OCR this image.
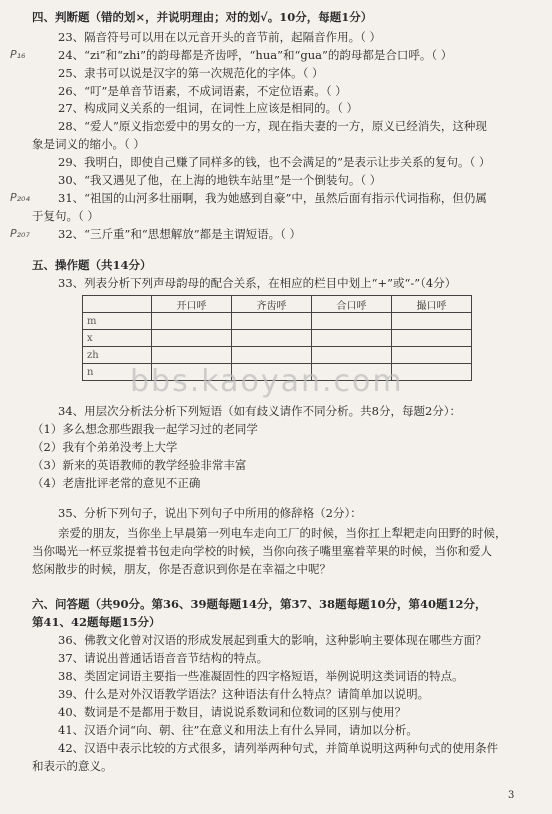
四、判断题（错的划×，并说明理由；对的划√。10分，每题1分）
23、隔音符号可以用在以元音开头的音节前，起隔音作用。（ ）
P₁₆	24、“zi”和“zhi”的韵母都是齐齿呼，“hua”和“gua”的韵母都是合口呼。（ ）
25、隶书可以说是汉字的第一次规范化的字体。（ ）
26、“叮”是单音节语素，不成词语素，不定位语素。（ ）
27、构成同义关系的一组词，在词性上应该是相同的。（ ）
28、“爱人”原义指恋爱中的男女的一方，现在指夫妻的一方，原义已经消失，这种现
象是词义的缩小。（ ）
29、我明白，即使自己赚了同样多的钱，也不会满足的”是表示让步关系的复句。（ ）
30、“我又遇见了他，在上海的地铁车站里”是一个倒装句。（ ）
P₂₀₄ 31、“祖国的山河多壮丽啊，我为她感到自豪”中，虽然后面有指示代词指称，但仍属
于复句。（ ）
P₂₀₇ 32、“三斤重”和“思想解放”都是主谓短语。（ ）
五、操作题（共14分）
33、列表分析下列声母韵母的配合关系，在相应的栏目中划上“+”或“-”（4分）
	开口呼	齐齿呼	合口呼	撮口呼
m				
x				
zh				
n				bbs.kaoyan.com
34、用层次分析法分析下列短语（如有歧义请作不同分析。共8分，每题2分）：
（1）多么想念那些跟我一起学习过的老同学
（2）我有个弟弟没考上大学
（3）新来的英语教师的教学经验非常丰富
（4）老唐批评老常的意见不正确
35、分析下列句子，说出下列句子中所用的修辞格（2分）：
亲爱的朋友，当你坐上早晨第一列电车走向工厂的时候，当你扛上犁耙走向田野的时候，
当你喝光一杯豆浆提着书包走向学校的时候，当你向孩子嘴里塞着苹果的时候，当你和爱人
悠闲散步的时候，朋友，你是否意识到你是在幸福之中呢？
六、问答题（共90分。第36、39题每题14分，第37、38题每题10分，第40题12分，
第41、42题每题15分）
36、佛教文化曾对汉语的形成发展起到重大的影响，这种影响主要体现在哪些方面？
37、请说出普通话语音音节结构的特点。
38、类固定词语主要指一些准凝固性的四字格短语，举例说明这类词语的特点。
39、什么是对外汉语教学语法？这种语法有什么特点？请简单加以说明。
40、数词是不是都用于数目，请说说系数词和位数词的区别与使用？
41、汉语介词“向、朝、往”在意义和用法上有什么异同，请加以分析。
42、汉语中表示比较的方式很多，请列举两种句式，并简单说明这两种句式的使用条件
和表示的意义。
3
